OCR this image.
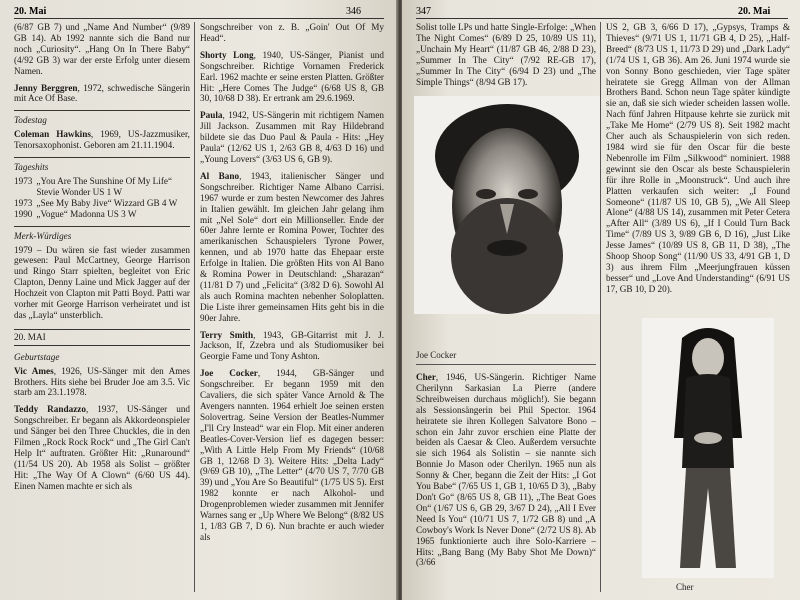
20. Mai	346

(6/87 GB 7) und „Name And Number“ (9/89 GB 14). Ab 1992 nannte sich die Band nur noch „Curiosity“. „Hang On In There Baby“ (4/92 GB 3) war der erste Erfolg unter diesem Namen.

Jenny Berggren, 1972, schwedische Sängerin mit Ace Of Base.

Todestag

Coleman Hawkins, 1969, US-Jazzmusiker, Tenorsaxophonist. Geboren am 21.11.1904.

Tageshits
1973 „You Are The Sunshine Of My Life“ Stevie Wonder US 1 W
1973 „See My Baby Jive“ Wizzard GB 4 W
1990 „Vogue“ Madonna US 3 W
Merk-Würdiges

1979 – Du wären sie fast wieder zusammen gewesen: Paul McCartney, George Harrison und Ringo Starr spielten, begleitet von Eric Clapton, Denny Laine und Mick Jagger auf der Hochzeit von Clapton mit Patti Boyd. Patti war vorher mit George Harrison verheiratet und ist das „Layla“ unsterblich.

20. MAI
Geburtstage

Vic Ames, 1926, US-Sänger mit den Ames Brothers. Hits siehe bei Bruder Joe am 3.5. Vic starb am 23.1.1978.

Teddy Randazzo, 1937, US-Sänger und Songschreiber. Er begann als Akkordeonspieler und Sänger bei den Three Chuckles, die in den Filmen „Rock Rock Rock“ und „The Girl Can't Help It“ auftraten. Größter Hit: „Runaround“ (11/54 US 20). Ab 1958 als Solist – größter Hit: „The Way Of A Clown“ (6/60 US 44). Einen Namen machte er sich als

Songschreiber von z. B. „Goin' Out Of My Head“.

Shorty Long, 1940, US-Sänger, Pianist und Songschreiber. Richtige Vornamen Frederick Earl. 1962 machte er seine ersten Platten. Größter Hit: „Here Comes The Judge“ (6/68 US 8, GB 30, 10/68 D 38). Er ertrank am 29.6.1969.

Paula, 1942, US-Sängerin mit richtigem Namen Jill Jackson. Zusammen mit Ray Hildebrand bildete sie das Duo Paul & Paula - Hits: „Hey Paula“ (12/62 US 1, 2/63 GB 8, 4/63 D 16) und „Young Lovers“ (3/63 US 6, GB 9).

Al Bano, 1943, italienischer Sänger und Songschreiber. Richtiger Name Albano Carrisi. 1967 wurde er zum besten Newcomer des Jahres in Italien gewählt. Im gleichen Jahr gelang ihm mit „Nel Sole“ dort ein Millionseller. Ende der 60er Jahre lernte er Romina Power, Tochter des amerikanischen Schauspielers Tyrone Power, kennen, und ab 1970 hatte das Ehepaar erste Erfolge in Italien. Die größten Hits von Al Bano & Romina Power in Deutschland: „Sharazan“ (11/81 D 7) und „Felicita“ (3/82 D 6). Sowohl Al als auch Romina machten nebenher Soloplatten. Die Liste ihrer gemeinsamen Hits geht bis in die 90er Jahre.

Terry Smith, 1943, GB-Gitarrist mit J. J. Jackson, If, Zzebra und als Studiomusiker bei Georgie Fame und Tony Ashton.

Joe Cocker, 1944, GB-Sänger und Songschreiber. Er begann 1959 mit den Cavaliers, die sich später Vance Arnold & The Avengers nannten. 1964 erhielt Joe seinen ersten Solovertrag. Seine Version der Beatles-Nummer „I'll Cry Instead“ war ein Flop. Mit einer anderen Beatles-Cover-Version lief es dagegen besser: „With A Little Help From My Friends“ (10/68 GB 1, 12/68 D 3). Weitere Hits: „Delta Lady“ (9/69 GB 10), „The Letter“ (4/70 US 7, 7/70 GB 39) und „You Are So Beautiful“ (1/75 US 5). Erst 1982 konnte er nach Alkohol- und Drogenproblemen wieder zusammen mit Jennifer Warnes sang er „Up Where We Belong“ (8/82 US 1, 1/83 GB 7, D 6). Nun brachte er auch wieder als

347	20. Mai

Solist tolle LPs und hatte Single-Erfolge: „When The Night Comes“ (6/89 D 25, 10/89 US 11), „Unchain My Heart“ (11/87 GB 46, 2/88 D 23), „Summer In The City“ (7/92 RE-GB 17), „Summer In The City“ (6/94 D 23) und „The Simple Things“ (8/94 GB 17).

Joe Cocker

Cher, 1946, US-Sängerin. Richtiger Name Cherilynn Sarkasian La Pierre (andere Schreibweisen durchaus möglich!). Sie begann als Sessionsängerin bei Phil Spector. 1964 heiratete sie ihren Kollegen Salvatore Bono – schon ein Jahr zuvor erschien eine Platte der beiden als Caesar & Cleo. Außerdem versuchte sie sich 1964 als Solistin – sie nannte sich Bonnie Jo Mason oder Cherilyn. 1965 nun als Sonny & Cher, begann die Zeit der Hits: „I Got You Babe“ (7/65 US 1, GB 1, 10/65 D 3), „Baby Don't Go“ (8/65 US 8, GB 11), „The Beat Goes On“ (1/67 US 6, GB 29, 3/67 D 24), „All I Ever Need Is You“ (10/71 US 7, 1/72 GB 8) und „A Cowboy's Work Is Never Done“ (2/72 US 8). Ab 1965 funktionierte auch ihre Solo-Karriere – Hits: „Bang Bang (My Baby Shot Me Down)“ (3/66

US 2, GB 3, 6/66 D 17), „Gypsys, Tramps & Thieves“ (9/71 US 1, 11/71 GB 4, D 25), „Half-Breed“ (8/73 US 1, 11/73 D 29) und „Dark Lady“ (1/74 US 1, GB 36). Am 26. Juni 1974 wurde sie von Sonny Bono geschieden, vier Tage später heiratete sie Gregg Allman von der Allman Brothers Band. Schon neun Tage später kündigte sie an, daß sie sich wieder scheiden lassen wolle. Nach fünf Jahren Hitpause kehrte sie zurück mit „Take Me Home“ (2/79 US 8). Seit 1982 macht Cher auch als Schauspielerin von sich reden. 1984 wird sie für den Oscar für die beste Nebenrolle im Film „Silkwood“ nominiert. 1988 gewinnt sie den Oscar als beste Schauspielerin für ihre Rolle in „Moonstruck“. Und auch ihre Platten verkaufen sich weiter: „I Found Someone“ (11/87 US 10, GB 5), „We All Sleep Alone“ (4/88 US 14), zusammen mit Peter Cetera „After All“ (3/89 US 6), „If I Could Turn Back Time“ (7/89 US 3, 9/89 GB 6, D 16), „Just Like Jesse James“ (10/89 US 8, GB 11, D 38), „The Shoop Shoop Song“ (11/90 US 33, 4/91 GB 1, D 3) aus ihrem Film „Meerjungfrauen küssen besser“ und „Love And Understanding“ (6/91 US 17, GB 10, D 20).

Cher
